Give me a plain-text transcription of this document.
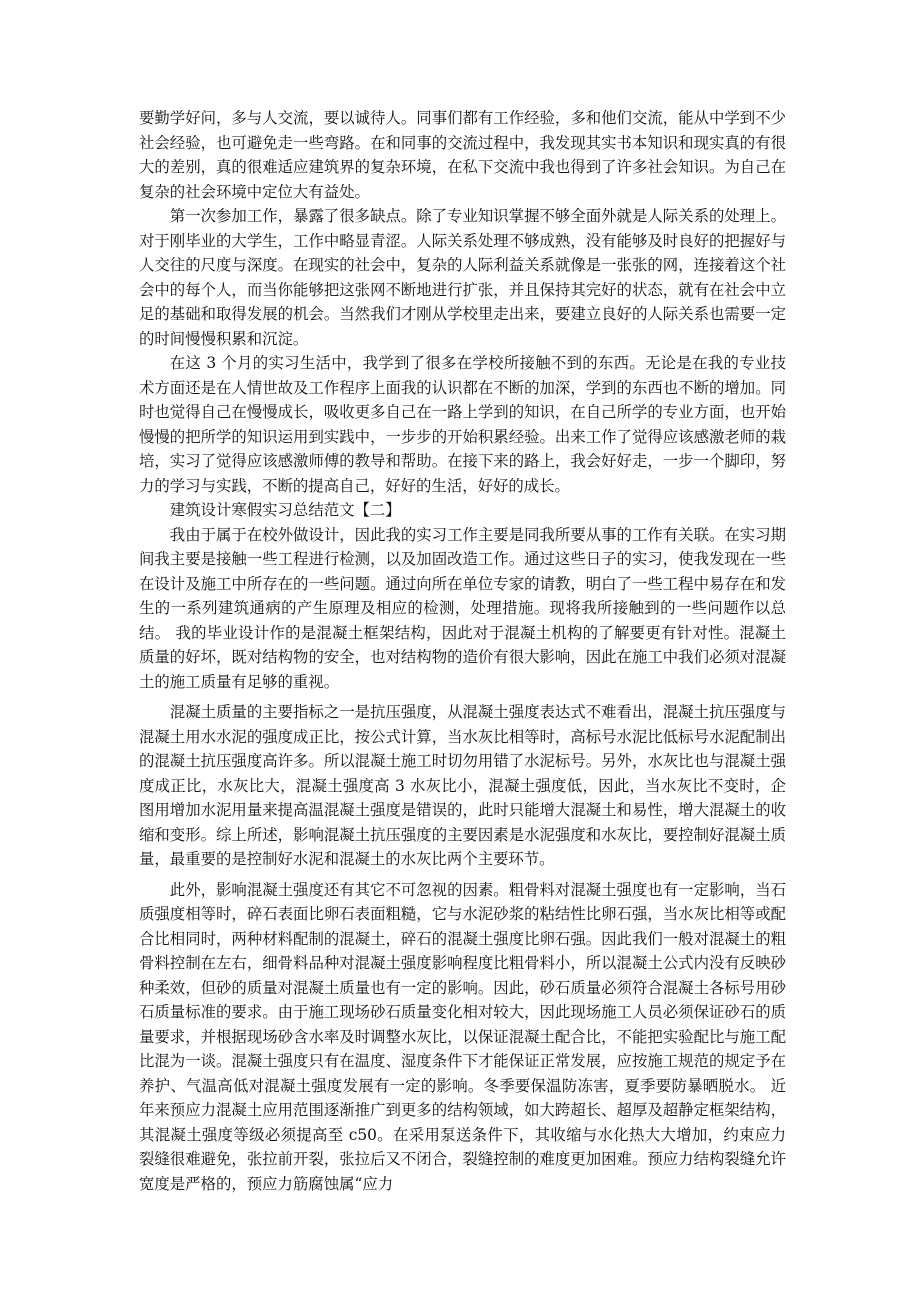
要勤学好问，多与人交流，要以诚待人。同事们都有工作经验，多和他们交流，能从中学到不少社会经验，也可避免走一些弯路。在和同事的交流过程中，我发现其实书本知识和现实真的有很大的差别，真的很难适应建筑界的复杂环境，在私下交流中我也得到了许多社会知识。为自己在复杂的社会环境中定位大有益处。

第一次参加工作，暴露了很多缺点。除了专业知识掌握不够全面外就是人际关系的处理上。对于刚毕业的大学生，工作中略显青涩。人际关系处理不够成熟，没有能够及时良好的把握好与人交往的尺度与深度。在现实的社会中，复杂的人际利益关系就像是一张张的网，连接着这个社会中的每个人，而当你能够把这张网不断地进行扩张，并且保持其完好的状态，就有在社会中立足的基础和取得发展的机会。当然我们才刚从学校里走出来，要建立良好的人际关系也需要一定的时间慢慢积累和沉淀。

在这 3 个月的实习生活中，我学到了很多在学校所接触不到的东西。无论是在我的专业技术方面还是在人情世故及工作程序上面我的认识都在不断的加深，学到的东西也不断的增加。同时也觉得自己在慢慢成长，吸收更多自己在一路上学到的知识，在自己所学的专业方面，也开始慢慢的把所学的知识运用到实践中，一步步的开始积累经验。出来工作了觉得应该感激老师的栽培，实习了觉得应该感激师傅的教导和帮助。在接下来的路上，我会好好走，一步一个脚印，努力的学习与实践，不断的提高自己，好好的生活，好好的成长。

建筑设计寒假实习总结范文【二】

我由于属于在校外做设计，因此我的实习工作主要是同我所要从事的工作有关联。在实习期间我主要是接触一些工程进行检测，以及加固改造工作。通过这些日子的实习，使我发现在一些在设计及施工中所存在的一些问题。通过向所在单位专家的请教，明白了一些工程中易存在和发生的一系列建筑通病的产生原理及相应的检测，处理措施。现将我所接触到的一些问题作以总结。 我的毕业设计作的是混凝土框架结构，因此对于混凝土机构的了解要更有针对性。混凝土质量的好坏，既对结构物的安全，也对结构物的造价有很大影响，因此在施工中我们必须对混凝土的施工质量有足够的重视。

混凝土质量的主要指标之一是抗压强度，从混凝土强度表达式不难看出，混凝土抗压强度与混凝土用水水泥的强度成正比，按公式计算，当水灰比相等时，高标号水泥比低标号水泥配制出的混凝土抗压强度高许多。所以混凝土施工时切勿用错了水泥标号。另外，水灰比也与混凝土强度成正比，水灰比大，混凝土强度高 3 水灰比小，混凝土强度低，因此，当水灰比不变时，企图用增加水泥用量来提高温混凝土强度是错误的，此时只能增大混凝土和易性，增大混凝土的收缩和变形。综上所述，影响混凝土抗压强度的主要因素是水泥强度和水灰比，要控制好混凝土质量，最重要的是控制好水泥和混凝土的水灰比两个主要环节。

此外，影响混凝土强度还有其它不可忽视的因素。粗骨料对混凝土强度也有一定影响，当石质强度相等时，碎石表面比卵石表面粗糙，它与水泥砂浆的粘结性比卵石强，当水灰比相等或配合比相同时，两种材料配制的混凝土，碎石的混凝土强度比卵石强。因此我们一般对混凝土的粗骨料控制在左右，细骨料品种对混凝土强度影响程度比粗骨料小，所以混凝土公式内没有反映砂种柔效，但砂的质量对混凝土质量也有一定的影响。因此，砂石质量必须符合混凝土各标号用砂石质量标准的要求。由于施工现场砂石质量变化相对较大，因此现场施工人员必须保证砂石的质量要求，并根据现场砂含水率及时调整水灰比，以保证混凝土配合比，不能把实验配比与施工配比混为一谈。混凝土强度只有在温度、湿度条件下才能保证正常发展，应按施工规范的规定予在养护、气温高低对混凝土强度发展有一定的影响。冬季要保温防冻害，夏季要防暴晒脱水。 近年来预应力混凝土应用范围逐渐推广到更多的结构领域，如大跨超长、超厚及超静定框架结构，其混凝土强度等级必须提高至 c50。在采用泵送条件下，其收缩与水化热大大增加，约束应力裂缝很难避免，张拉前开裂，张拉后又不闭合，裂缝控制的难度更加困难。预应力结构裂缝允许宽度是严格的，预应力筋腐蚀属“应力
